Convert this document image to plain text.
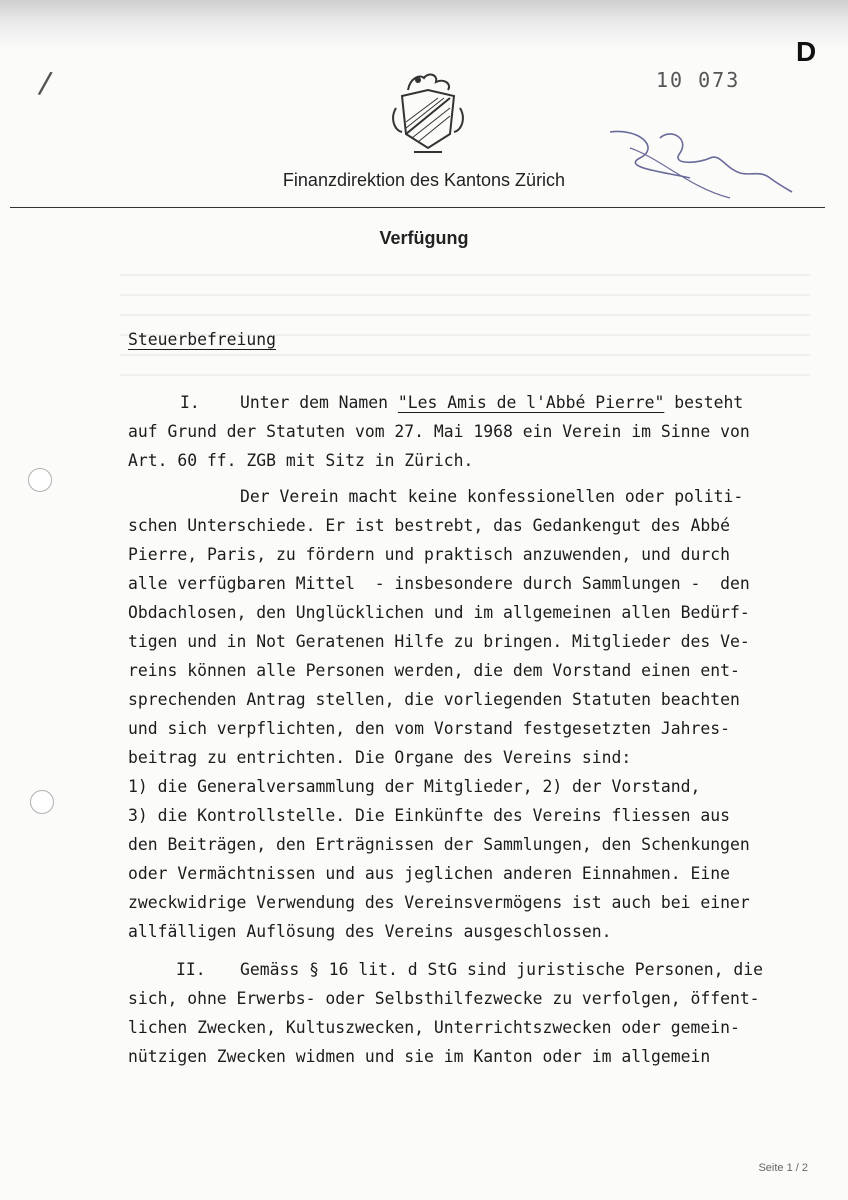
/
D
10 073
Finanzdirektion des Kantons Zürich
Verfügung
Steuerbefreiung
I. Unter dem Namen "Les Amis de l'Abbé Pierre" besteht
auf Grund der Statuten vom 27. Mai 1968 ein Verein im Sinne von
Art. 60 ff. ZGB mit Sitz in Zürich.
Der Verein macht keine konfessionellen oder politi-
schen Unterschiede. Er ist bestrebt, das Gedankengut des Abbé
Pierre, Paris, zu fördern und praktisch anzuwenden, und durch
alle verfügbaren Mittel  - insbesondere durch Sammlungen -  den
Obdachlosen, den Unglücklichen und im allgemeinen allen Bedürf-
tigen und in Not Geratenen Hilfe zu bringen. Mitglieder des Ve-
reins können alle Personen werden, die dem Vorstand einen ent-
sprechenden Antrag stellen, die vorliegenden Statuten beachten
und sich verpflichten, den vom Vorstand festgesetzten Jahres-
beitrag zu entrichten. Die Organe des Vereins sind:
1) die Generalversammlung der Mitglieder, 2) der Vorstand,
3) die Kontrollstelle. Die Einkünfte des Vereins fliessen aus
den Beiträgen, den Erträgnissen der Sammlungen, den Schenkungen
oder Vermächtnissen und aus jeglichen anderen Einnahmen. Eine
zweckwidrige Verwendung des Vereinsvermögens ist auch bei einer
allfälligen Auflösung des Vereins ausgeschlossen.
II. Gemäss § 16 lit. d StG sind juristische Personen, die
sich, ohne Erwerbs- oder Selbsthilfezwecke zu verfolgen, öffent-
lichen Zwecken, Kultuszwecken, Unterrichtszwecken oder gemein-
nützigen Zwecken widmen und sie im Kanton oder im allgemein
Seite 1 / 2
